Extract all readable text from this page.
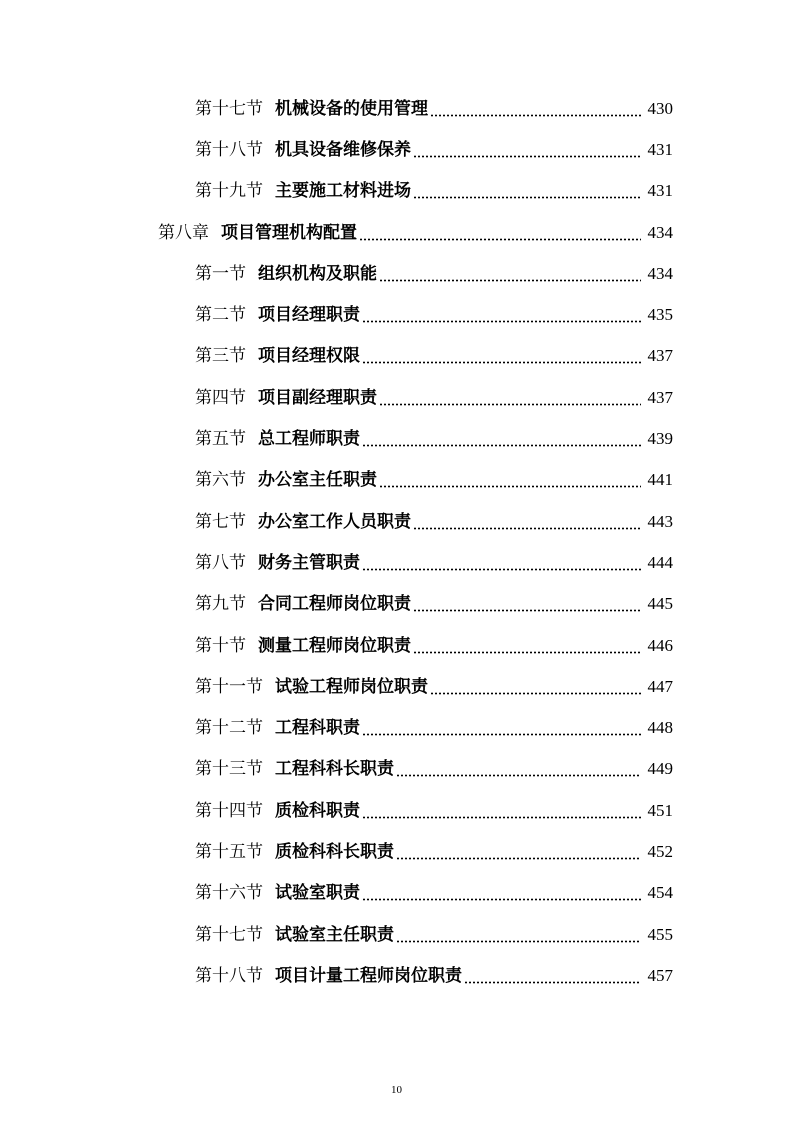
第十七节 机械设备的使用管理	430
第十八节 机具设备维修保养	431
第十九节 主要施工材料进场	431
第八章 项目管理机构配置	434
第一节 组织机构及职能	434
第二节 项目经理职责	435
第三节 项目经理权限	437
第四节 项目副经理职责	437
第五节 总工程师职责	439
第六节 办公室主任职责	441
第七节 办公室工作人员职责	443
第八节 财务主管职责	444
第九节 合同工程师岗位职责	445
第十节 测量工程师岗位职责	446
第十一节 试验工程师岗位职责	447
第十二节 工程科职责	448
第十三节 工程科科长职责	449
第十四节 质检科职责	451
第十五节 质检科科长职责	452
第十六节 试验室职责	454
第十七节 试验室主任职责	455
第十八节 项目计量工程师岗位职责	457
10
